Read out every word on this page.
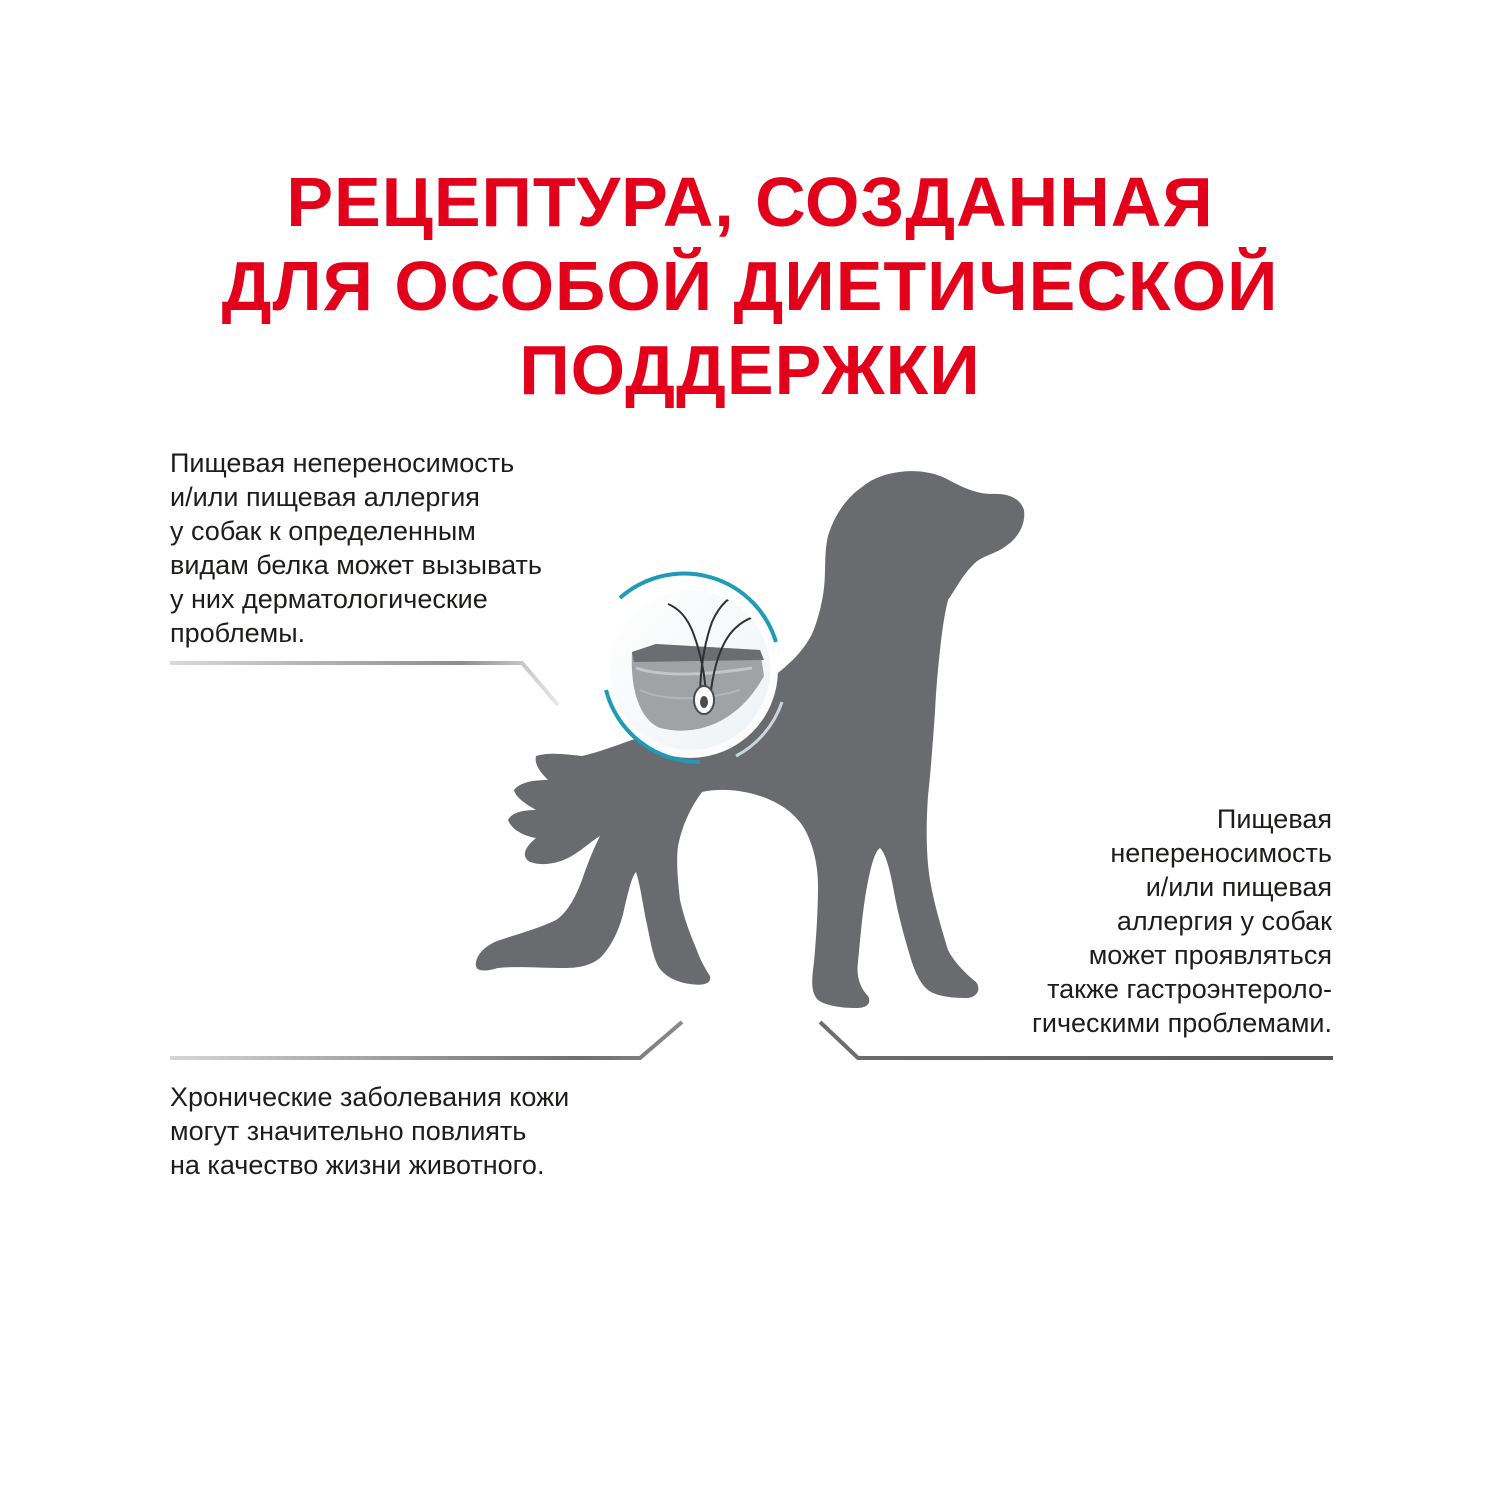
РЕЦЕПТУРА, СОЗДАННАЯ
ДЛЯ ОСОБОЙ ДИЕТИЧЕСКОЙ
ПОДДЕРЖКИ

Пищевая непереносимость
и/или пищевая аллергия
у собак к определенным
видам белка может вызывать
у них дерматологические
проблемы.

Пищевая
непереносимость
и/или пищевая
аллергия у собак
может проявляться
также гастроэнтероло-
гическими проблемами.

Хронические заболевания кожи
могут значительно повлиять
на качество жизни животного.
